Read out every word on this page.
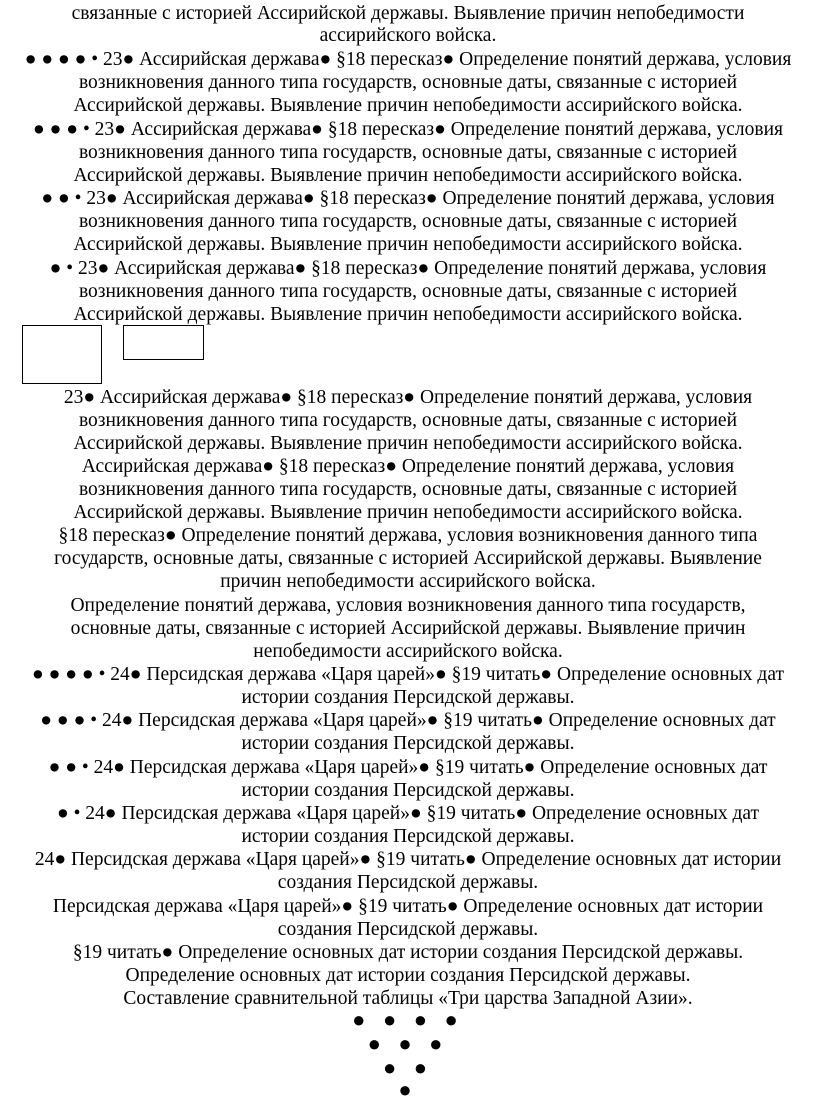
связанные с историей Ассирийской державы. Выявление причин непобедимости
ассирийского войска.
● ● ● ● • 23● Ассирийская держава● §18 пересказ● Определение понятий держава, условия
возникновения данного типа государств, основные даты, связанные с историей
Ассирийской державы. Выявление причин непобедимости ассирийского войска.
● ● ● • 23● Ассирийская держава● §18 пересказ● Определение понятий держава, условия
возникновения данного типа государств, основные даты, связанные с историей
Ассирийской державы. Выявление причин непобедимости ассирийского войска.
● ● • 23● Ассирийская держава● §18 пересказ● Определение понятий держава, условия
возникновения данного типа государств, основные даты, связанные с историей
Ассирийской державы. Выявление причин непобедимости ассирийского войска.
● • 23● Ассирийская держава● §18 пересказ● Определение понятий держава, условия
возникновения данного типа государств, основные даты, связанные с историей
Ассирийской державы. Выявление причин непобедимости ассирийского войска.
23● Ассирийская держава● §18 пересказ● Определение понятий держава, условия
возникновения данного типа государств, основные даты, связанные с историей
Ассирийской державы. Выявление причин непобедимости ассирийского войска.
Ассирийская держава● §18 пересказ● Определение понятий держава, условия
возникновения данного типа государств, основные даты, связанные с историей
Ассирийской державы. Выявление причин непобедимости ассирийского войска.
§18 пересказ● Определение понятий держава, условия возникновения данного типа
государств, основные даты, связанные с историей Ассирийской державы. Выявление
причин непобедимости ассирийского войска.
Определение понятий держава, условия возникновения данного типа государств,
основные даты, связанные с историей Ассирийской державы. Выявление причин
непобедимости ассирийского войска.
● ● ● ● • 24● Персидская держава «Царя царей»● §19 читать● Определение основных дат
истории создания Персидской державы.
● ● ● • 24● Персидская держава «Царя царей»● §19 читать● Определение основных дат
истории создания Персидской державы.
● ● • 24● Персидская держава «Царя царей»● §19 читать● Определение основных дат
истории создания Персидской державы.
● • 24● Персидская держава «Царя царей»● §19 читать● Определение основных дат
истории создания Персидской державы.
24● Персидская держава «Царя царей»● §19 читать● Определение основных дат истории
создания Персидской державы.
Персидская держава «Царя царей»● §19 читать● Определение основных дат истории
создания Персидской державы.
§19 читать● Определение основных дат истории создания Персидской державы.
Определение основных дат истории создания Персидской державы.
Составление сравнительной таблицы «Три царства Западной Азии».
● ● ● ●
● ● ●
● ●
●
